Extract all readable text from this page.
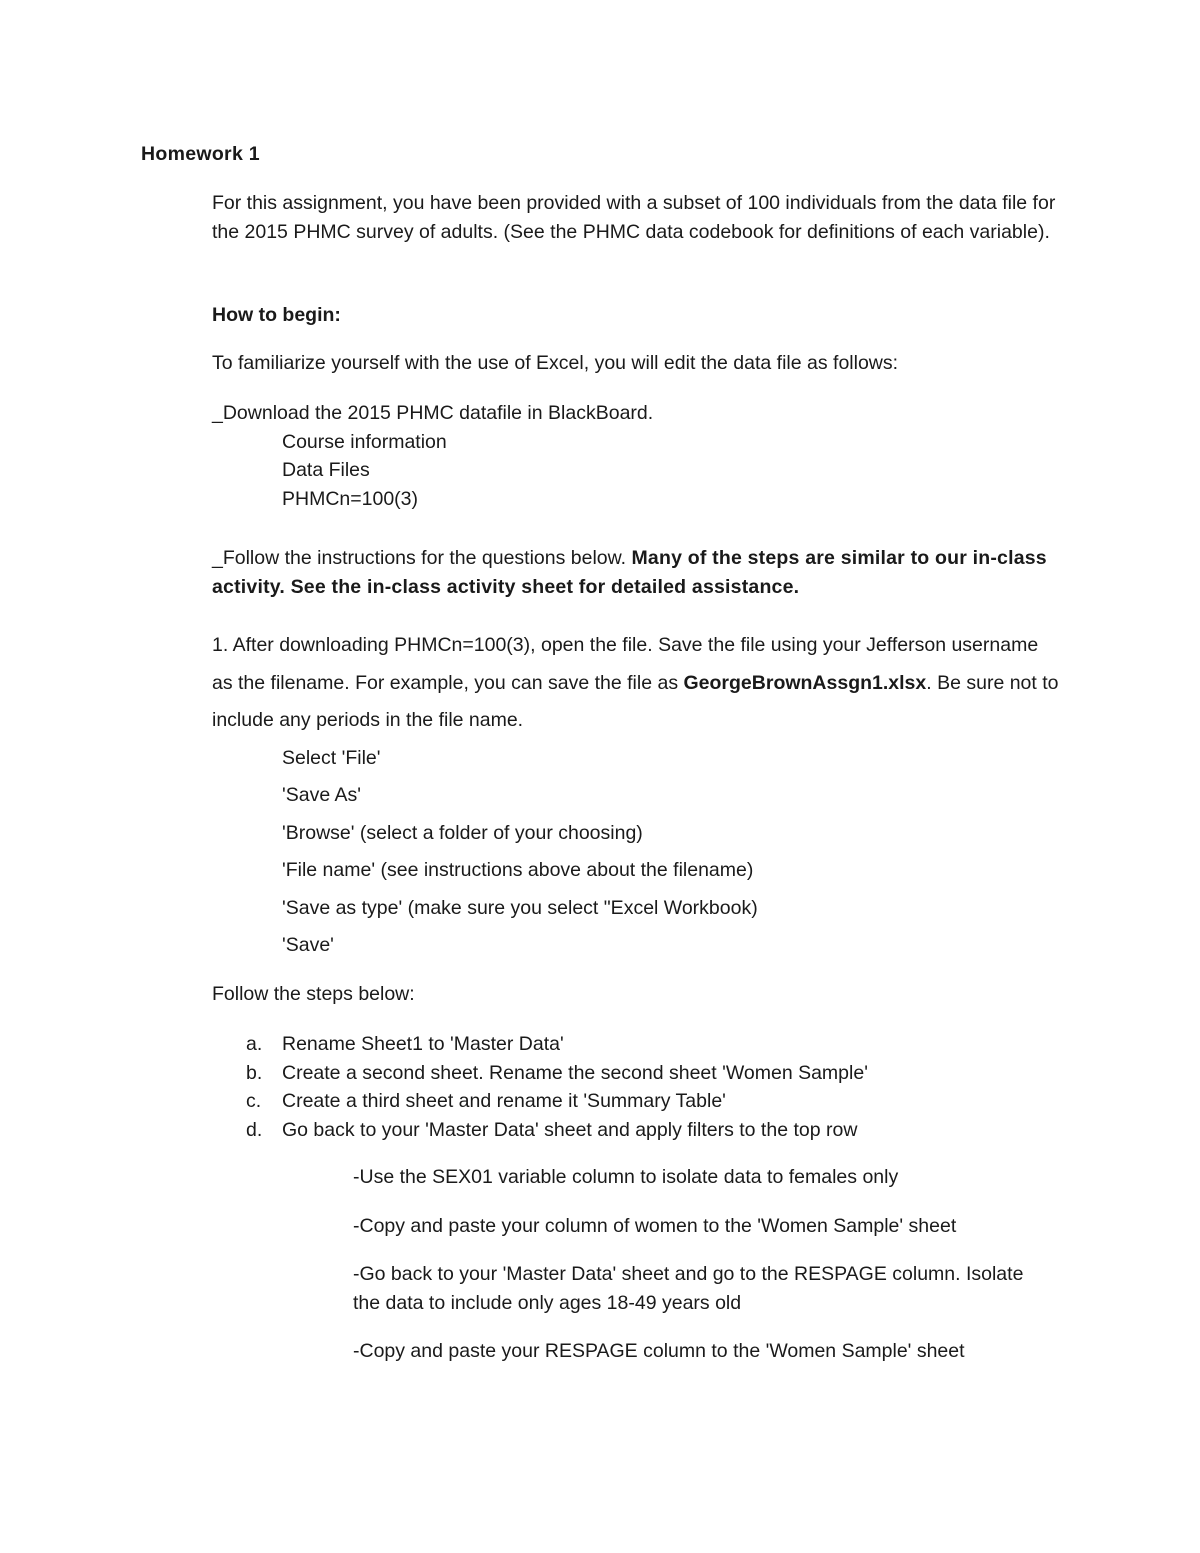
Homework 1

For this assignment, you have been provided with a subset of 100 individuals from the data file for the 2015 PHMC survey of adults. (See the PHMC data codebook for definitions of each variable).

How to begin:

To familiarize yourself with the use of Excel, you will edit the data file as follows:

_Download the 2015 PHMC datafile in BlackBoard.
Course information
Data Files
PHMCn=100(3)

_Follow the instructions for the questions below. Many of the steps are similar to our in-class activity. See the in-class activity sheet for detailed assistance.

1. After downloading PHMCn=100(3), open the file. Save the file using your Jefferson username as the filename. For example, you can save the file as GeorgeBrownAssgn1.xlsx. Be sure not to include any periods in the file name.

Select 'File'
'Save As'
'Browse' (select a folder of your choosing)
'File name' (see instructions above about the filename)
'Save as type' (make sure you select "Excel Workbook)
'Save'
Follow the steps below:
a.	Rename Sheet1 to 'Master Data'
b.	Create a second sheet. Rename the second sheet 'Women Sample'
c.	Create a third sheet and rename it 'Summary Table'
d.	Go back to your 'Master Data' sheet and apply filters to the top row

-Use the SEX01 variable column to isolate data to females only

-Copy and paste your column of women to the 'Women Sample' sheet

-Go back to your 'Master Data' sheet and go to the RESPAGE column. Isolate the data to include only ages 18-49 years old

-Copy and paste your RESPAGE column to the 'Women Sample' sheet
